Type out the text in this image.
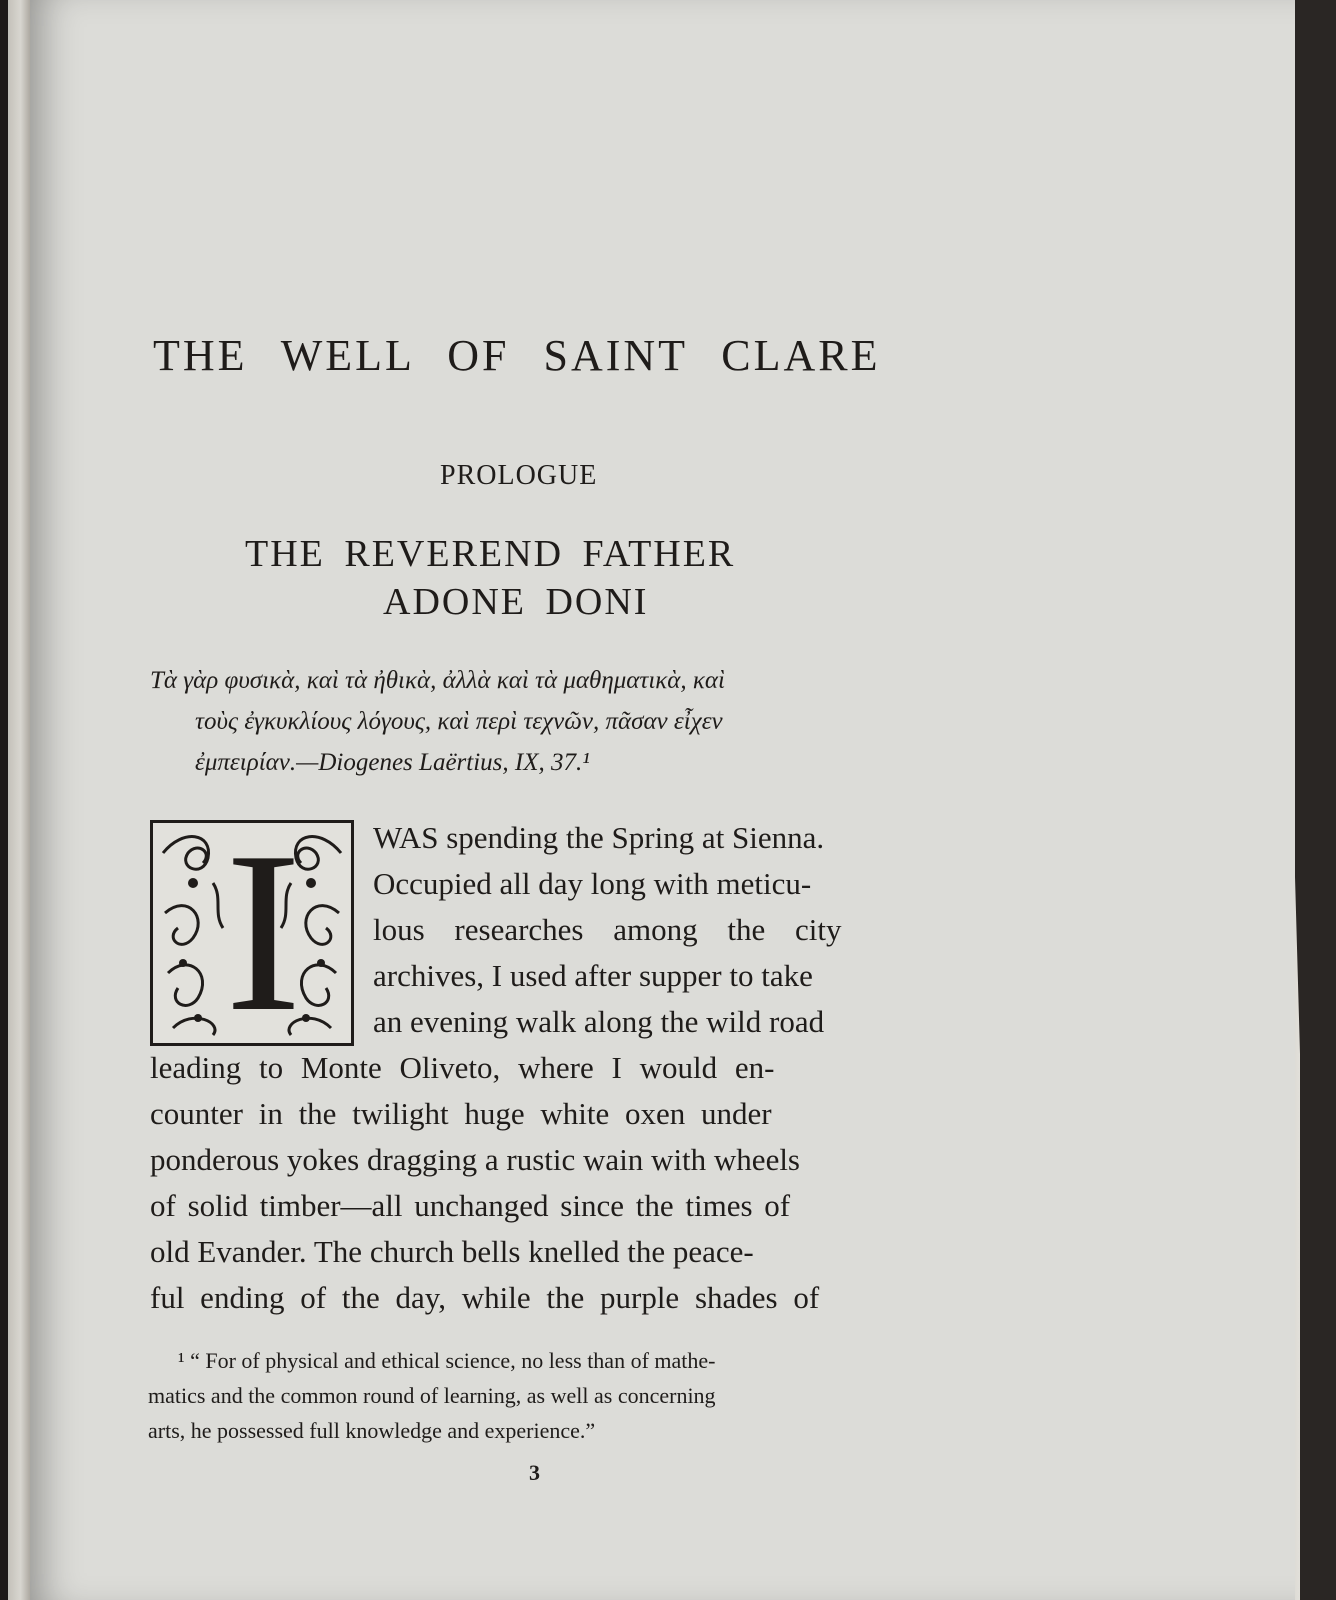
THE WELL OF SAINT CLARE
PROLOGUE
THE REVEREND FATHER
ADONE DONI
Τὰ γὰρ φυσικὰ, καὶ τὰ ἠθικὰ, ἀλλὰ καὶ τὰ μαθηματικὰ, καὶ
τοὺς ἐγκυκλίους λόγους, καὶ περὶ τεχνῶν, πᾶσαν εἶχεν
ἐμπειρίαν.—Diogenes Laërtius, IX, 37.¹
I WAS spending the Spring at Sienna.
Occupied all day long with meticu-
lous researches among the city
archives, I used after supper to take
an evening walk along the wild road
leading to Monte Oliveto, where I would en-
counter in the twilight huge white oxen under
ponderous yokes dragging a rustic wain with wheels
of solid timber—all unchanged since the times of
old Evander. The church bells knelled the peace-
ful ending of the day, while the purple shades of
¹ “ For of physical and ethical science, no less than of mathe-
matics and the common round of learning, as well as concerning
arts, he possessed full knowledge and experience.”
3
